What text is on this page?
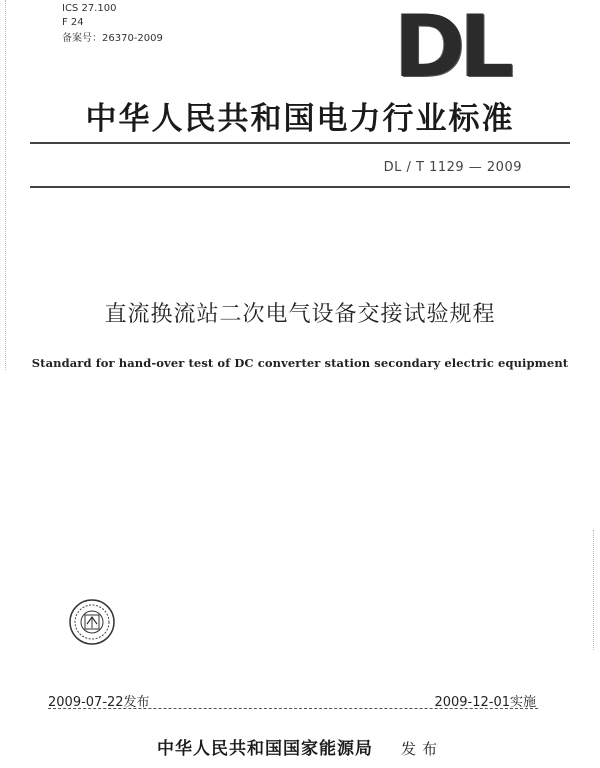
ICS 27.100
F 24
备案号：26370-2009	DL
中华人民共和国电力行业标准
DL / T 1129 — 2009
直流换流站二次电气设备交接试验规程
Standard for hand-over test of DC converter station secondary electric equipment
2009-07-22发布	2009-12-01实施
中华人民共和国国家能源局 发布
